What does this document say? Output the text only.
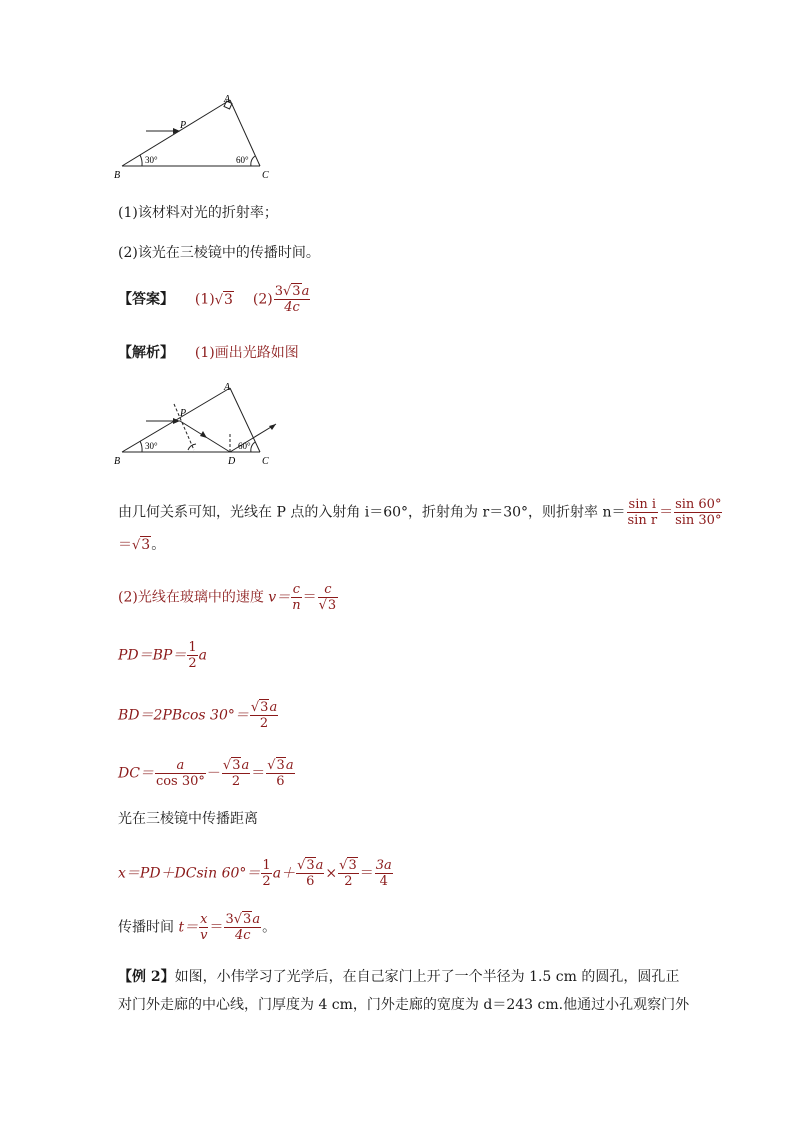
A
B	C
P
30°	60°
(1)该材料对光的折射率；
(2)该光在三棱镜中的传播时间。
【答案】 (1)√3 $(2) \frac{3√3a}{4c}$
【解析】 (1)画出光路如图
A
B	C
D
P
30°	60°
由几何关系可知，光线在 P 点的入射角 i＝60°，折射角为 r＝30°，则折射率 $n= \frac{\text{sin i}}{\text{sin r}} = \frac{\sin 60^\circ}{\sin 30^\circ}$
＝√3。
(2)光线在玻璃中的速度 $v= \frac{c}{n} = \frac{c}{√3}$
$PD=BP= \frac{1}{2}$ a
BD＝2PBcos $30^\circ= \frac{√3a}{2}$
$DC= \frac{a}{\cos 30^\circ} - \frac{√3a}{2} = \frac{√3a}{6}$
光在三棱镜中传播距离
x＝PD＋DCsin $60^\circ= \frac{1}{2} a+ \frac{√3a}{6} \times \frac{√3}{2} = \frac{3a}{4}$
传播时间 $t= \frac{x}{v} = \frac{3√3a}{4c}$ 。
【例 2】如图，小伟学习了光学后，在自己家门上开了一个半径为 1.5 cm 的圆孔，圆孔正
对门外走廊的中心线，门厚度为 4 cm，门外走廊的宽度为 d＝243 cm.他通过小孔观察门外
